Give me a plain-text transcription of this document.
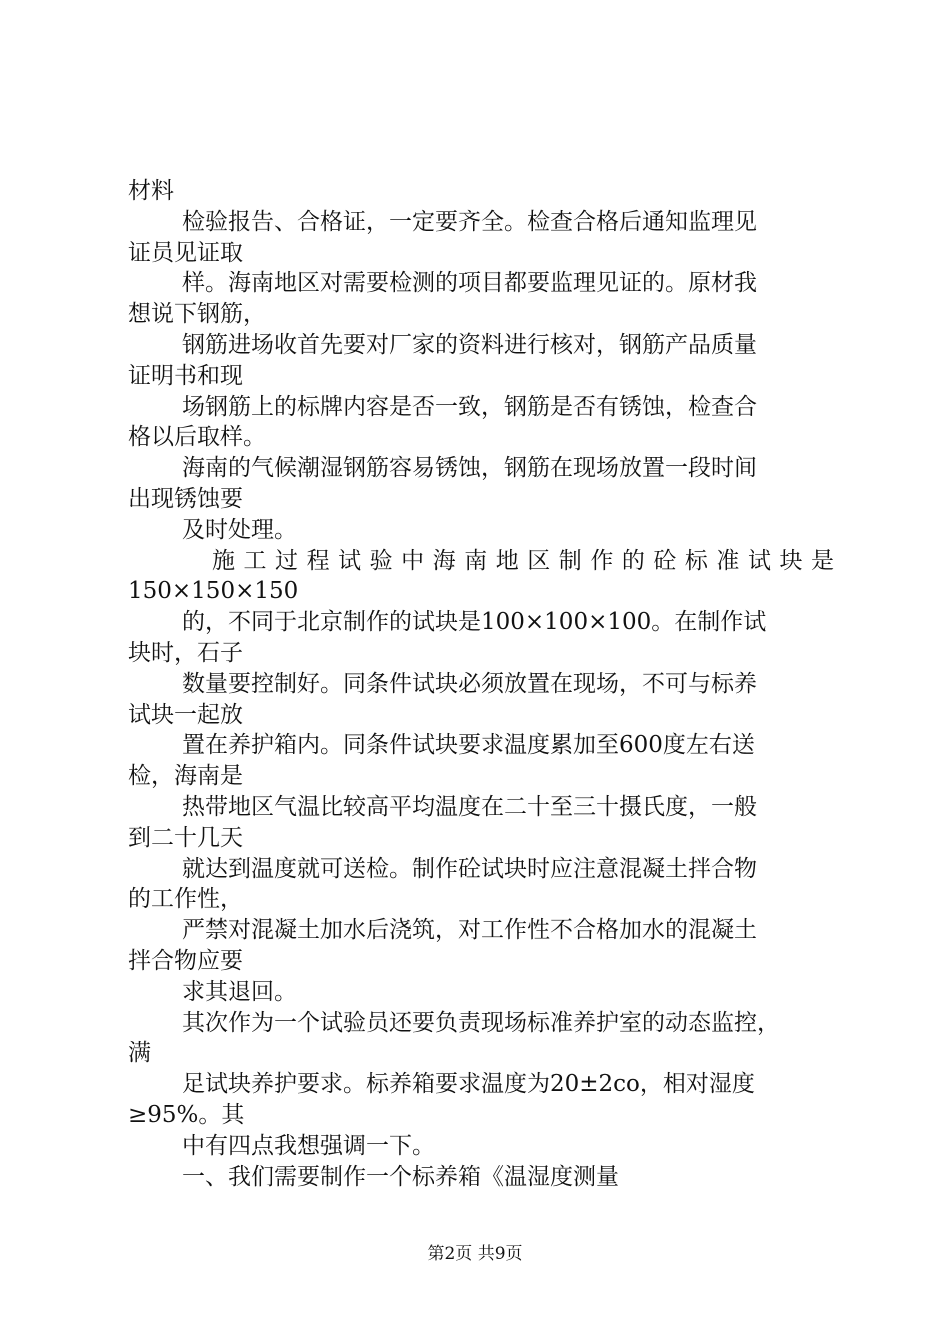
材料
检验报告、合格证，一定要齐全。检查合格后通知监理见
证员见证取
样。海南地区对需要检测的项目都要监理见证的。原材我
想说下钢筋，
钢筋进场收首先要对厂家的资料进行核对，钢筋产品质量
证明书和现
场钢筋上的标牌内容是否一致，钢筋是否有锈蚀，检查合
格以后取样。
海南的气候潮湿钢筋容易锈蚀，钢筋在现场放置一段时间
出现锈蚀要
及时处理。
施工过程试验中海南地区制作的砼标准试块是
150×150×150
的，不同于北京制作的试块是100×100×100。在制作试
块时，石子
数量要控制好。同条件试块必须放置在现场，不可与标养
试块一起放
置在养护箱内。同条件试块要求温度累加至600度左右送
检，海南是
热带地区气温比较高平均温度在二十至三十摄氏度，一般
到二十几天
就达到温度就可送检。制作砼试块时应注意混凝土拌合物
的工作性，
严禁对混凝土加水后浇筑，对工作性不合格加水的混凝土
拌合物应要
求其退回。
其次作为一个试验员还要负责现场标准养护室的动态监控，
满
足试块养护要求。标养箱要求温度为20±2co，相对湿度
≥95%。其
中有四点我想强调一下。
一、我们需要制作一个标养箱《温湿度测量
第2页 共9页
